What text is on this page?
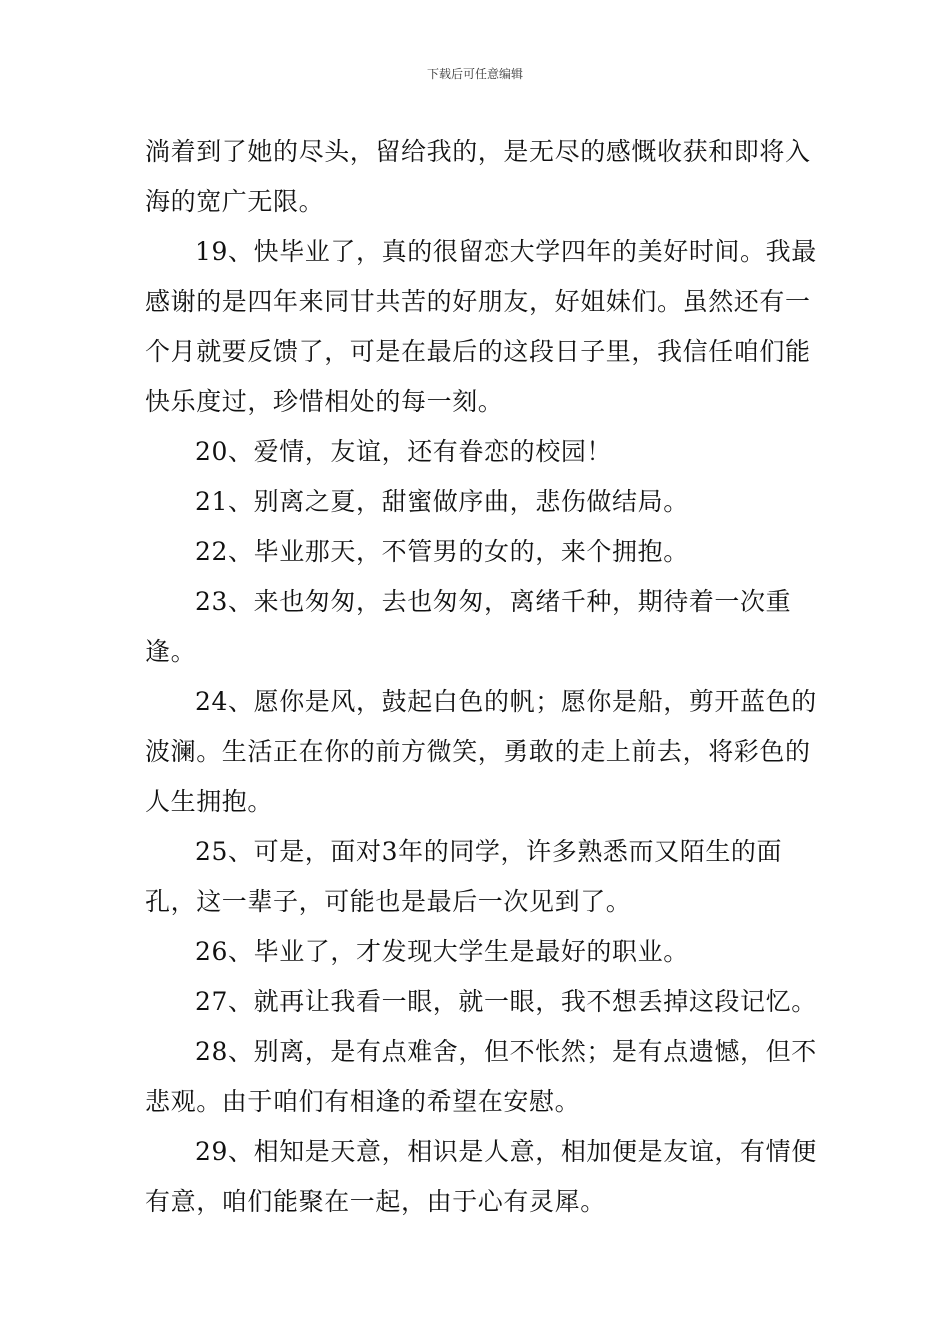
下载后可任意编辑

淌着到了她的尽头，留给我的，是无尽的感慨收获和即将入海的宽广无限。

19、快毕业了，真的很留恋大学四年的美好时间。我最感谢的是四年来同甘共苦的好朋友，好姐妹们。虽然还有一个月就要反馈了，可是在最后的这段日子里，我信任咱们能快乐度过，珍惜相处的每一刻。

20、爱情，友谊，还有眷恋的校园！

21、别离之夏，甜蜜做序曲，悲伤做结局。

22、毕业那天，不管男的女的，来个拥抱。

23、来也匆匆，去也匆匆，离绪千种，期待着一次重逢。

24、愿你是风，鼓起白色的帆；愿你是船，剪开蓝色的波澜。生活正在你的前方微笑，勇敢的走上前去，将彩色的人生拥抱。

25、可是，面对3年的同学，许多熟悉而又陌生的面孔，这一辈子，可能也是最后一次见到了。

26、毕业了，才发现大学生是最好的职业。

27、就再让我看一眼，就一眼，我不想丢掉这段记忆。

28、别离，是有点难舍，但不怅然；是有点遗憾，但不悲观。由于咱们有相逢的希望在安慰。

29、相知是天意，相识是人意，相加便是友谊，有情便有意，咱们能聚在一起，由于心有灵犀。
